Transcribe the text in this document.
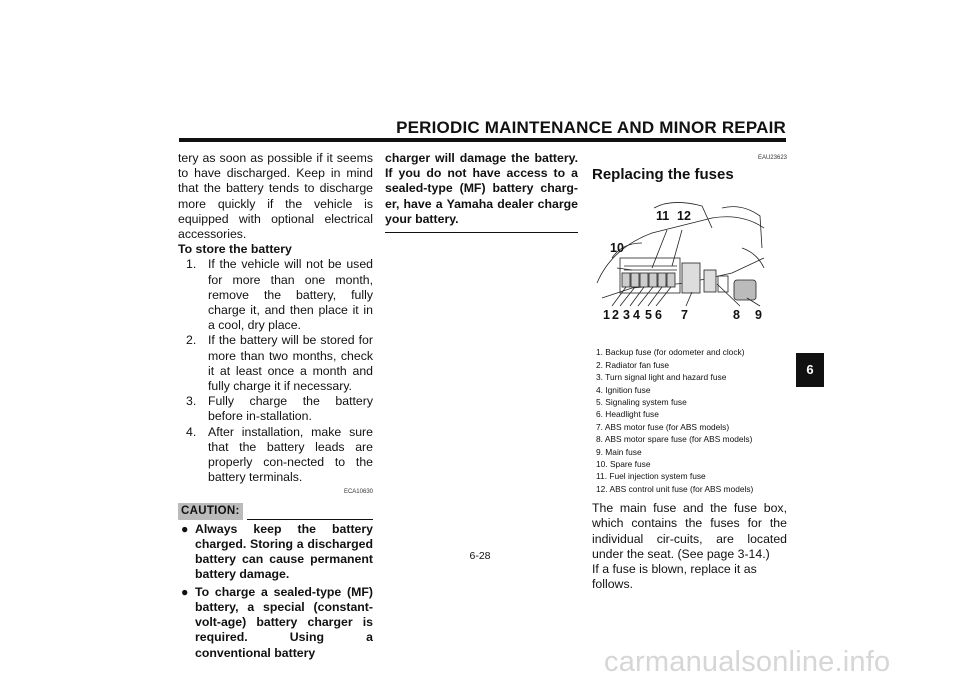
PERIODIC MAINTENANCE AND MINOR REPAIR
tery as soon as possible if it seems to have discharged. Keep in mind that the battery tends to discharge more quickly if the vehicle is equipped with optional electrical accessories.
To store the battery
1. If the vehicle will not be used for more than one month, remove the battery, fully charge it, and then place it in a cool, dry place.
2. If the battery will be stored for more than two months, check it at least once a month and fully charge it if necessary.
3. Fully charge the battery before in-stallation.
4. After installation, make sure that the battery leads are properly con-nected to the battery terminals.
ECA10630
CAUTION:
● Always keep the battery charged. Storing a discharged battery can cause permanent battery damage.
● To charge a sealed-type (MF) battery, a special (constant-volt-age) battery charger is required. Using a conventional battery
charger will damage the battery. If you do not have access to a sealed-type (MF) battery charg-er, have a Yamaha dealer charge your battery.
EAU23623
Replacing the fuses
1 2 3 4 5 6 7	8 9
10
11 12
1. Backup fuse (for odometer and clock)
2. Radiator fan fuse
3. Turn signal light and hazard fuse
4. Ignition fuse
5. Signaling system fuse
6. Headlight fuse
7. ABS motor fuse (for ABS models)
8. ABS motor spare fuse (for ABS models)
9. Main fuse
10. Spare fuse
11. Fuel injection system fuse
12. ABS control unit fuse (for ABS models)
The main fuse and the fuse box, which contains the fuses for the individual cir-cuits, are located under the seat. (See page 3-14.)
If a fuse is blown, replace it as follows.
6
6-28
carmanualsonline.info
